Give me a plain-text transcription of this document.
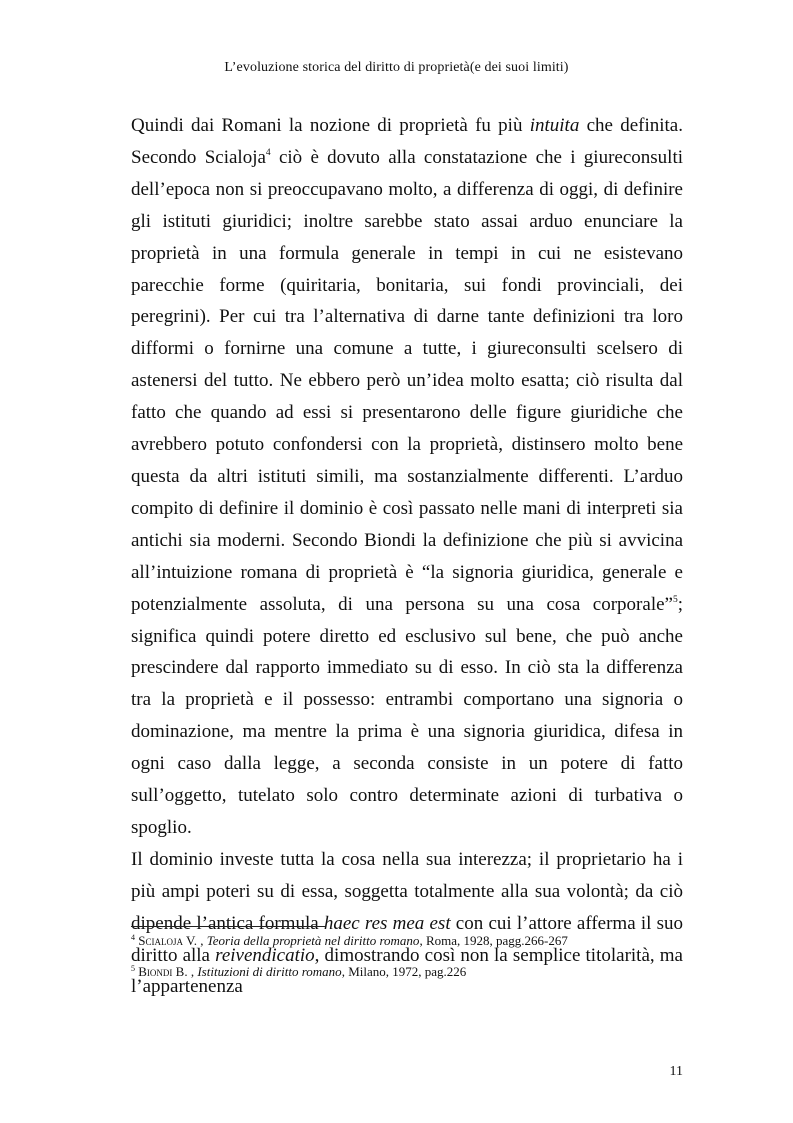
L’evoluzione storica del diritto di proprietà(e dei suoi limiti)

Quindi dai Romani la nozione di proprietà fu più intuita che definita. Secondo Scialoja$^4$ ciò è dovuto alla constatazione che i giureconsulti dell’epoca non si preoccupavano molto, a differenza di oggi, di definire gli istituti giuridici; inoltre sarebbe stato assai arduo enunciare la proprietà in una formula generale in tempi in cui ne esistevano parecchie forme (quiritaria, bonitaria, sui fondi provinciali, dei peregrini). Per cui tra l’alternativa di darne tante definizioni tra loro difformi o fornirne una comune a tutte, i giureconsulti scelsero di astenersi del tutto. Ne ebbero però un’idea molto esatta; ciò risulta dal fatto che quando ad essi si presentarono delle figure giuridiche che avrebbero potuto confondersi con la proprietà, distinsero molto bene questa da altri istituti simili, ma sostanzialmente differenti. L’arduo compito di definire il dominio è così passato nelle mani di interpreti sia antichi sia moderni. Secondo Biondi la definizione che più si avvicina all’intuizione romana di proprietà è “la signoria giuridica, generale e potenzialmente assoluta, di una persona su una cosa corporale”$^5$; significa quindi potere diretto ed esclusivo sul bene, che può anche prescindere dal rapporto immediato su di esso. In ciò sta la differenza tra la proprietà e il possesso: entrambi comportano una signoria o dominazione, ma mentre la prima è una signoria giuridica, difesa in ogni caso dalla legge, a seconda consiste in un potere di fatto sull’oggetto, tutelato solo contro determinate azioni di turbativa o spoglio.

Il dominio investe tutta la cosa nella sua interezza; il proprietario ha i più ampi poteri su di essa, soggetta totalmente alla sua volontà; da ciò dipende l’antica formula haec res mea est con cui l’attore afferma il suo diritto alla reivendicatio, dimostrando così non la semplice titolarità, ma l’appartenenza

$^4$ Scialoja V. , Teoria della proprietà nel diritto romano, Roma, 1928, pagg.266-267
$^5$ Biondi B. , Istituzioni di diritto romano, Milano, 1972, pag.226
11
